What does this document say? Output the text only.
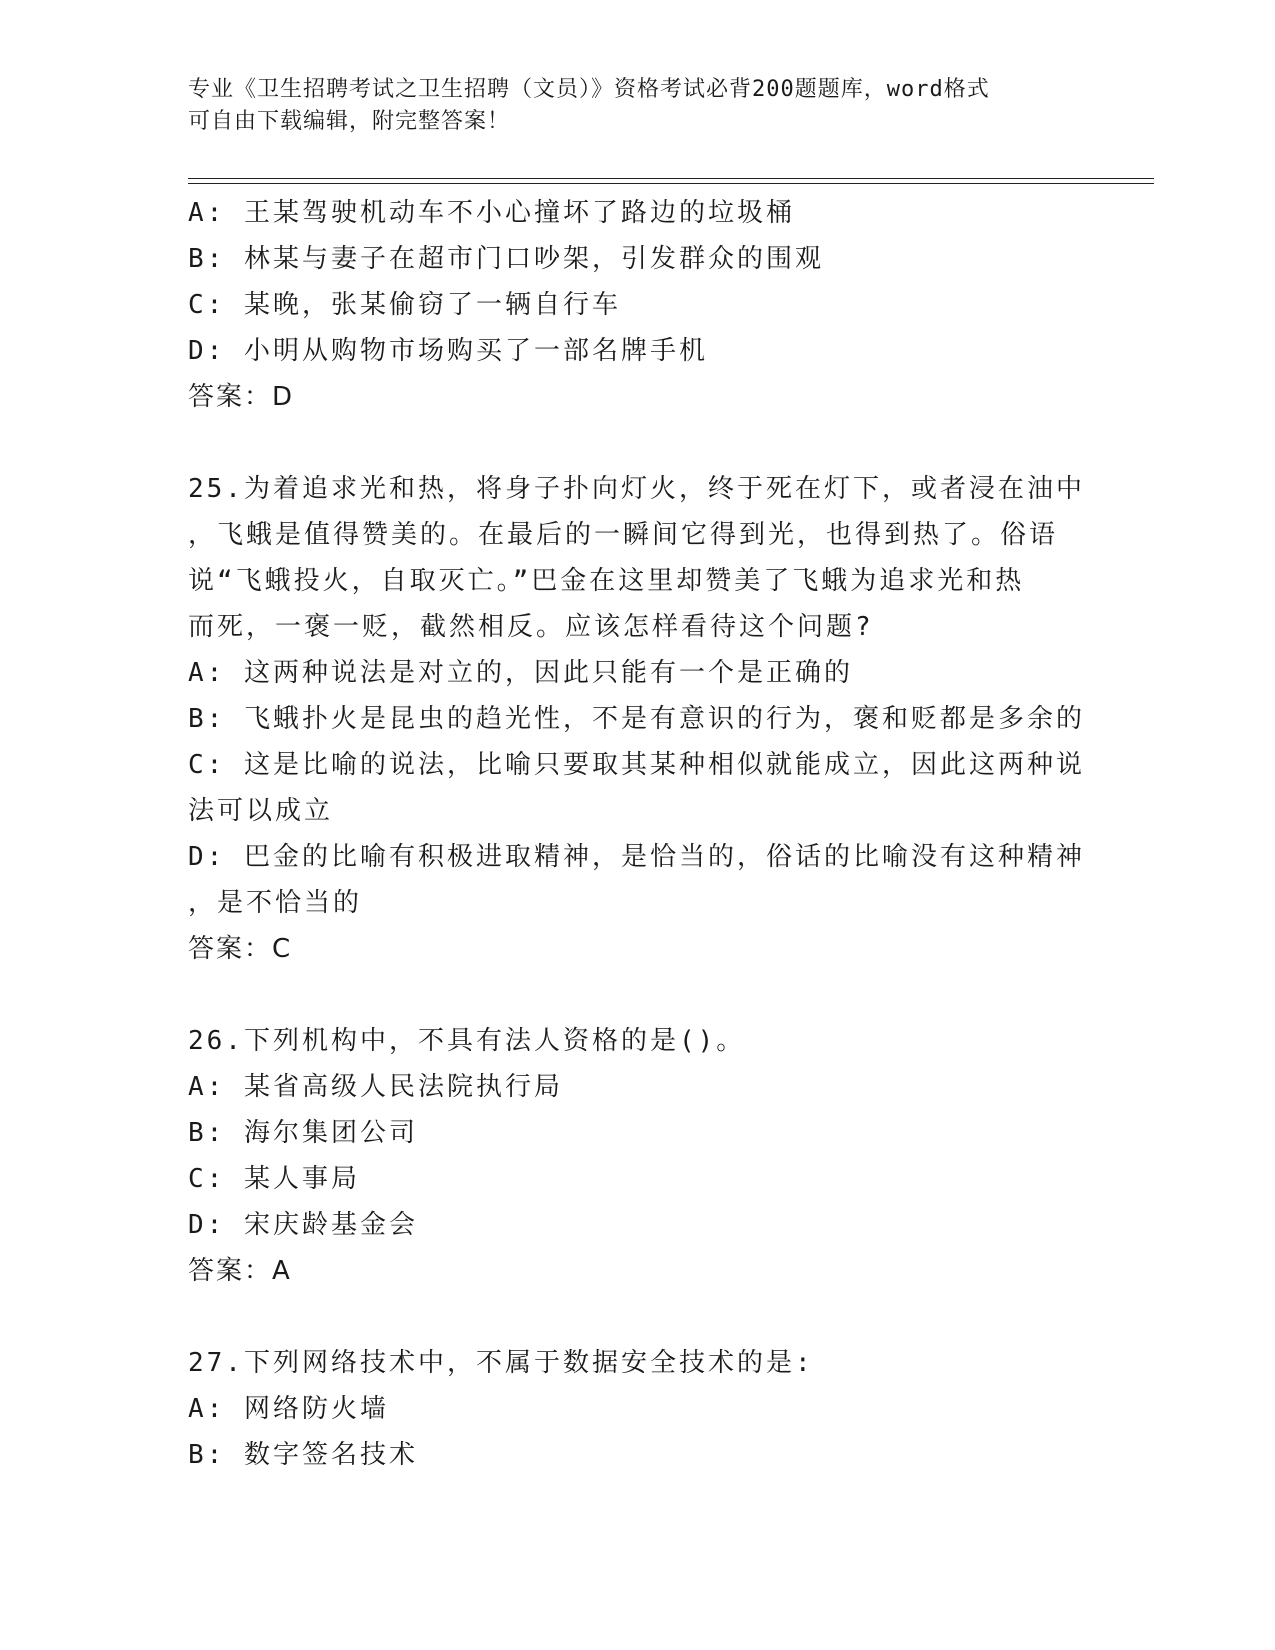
专业《卫生招聘考试之卫生招聘（文员）》资格考试必背200题题库，word格式
可自由下载编辑，附完整答案！
A: 王某驾驶机动车不小心撞坏了路边的垃圾桶
B: 林某与妻子在超市门口吵架，引发群众的围观
C: 某晚，张某偷窃了一辆自行车
D: 小明从购物市场购买了一部名牌手机
答案：D
25.为着追求光和热，将身子扑向灯火，终于死在灯下，或者浸在油中
，飞蛾是值得赞美的。在最后的一瞬间它得到光，也得到热了。俗语
说“飞蛾投火，自取灭亡。”巴金在这里却赞美了飞蛾为追求光和热
而死，一褒一贬，截然相反。应该怎样看待这个问题?
A: 这两种说法是对立的，因此只能有一个是正确的
B: 飞蛾扑火是昆虫的趋光性，不是有意识的行为，褒和贬都是多余的
C: 这是比喻的说法，比喻只要取其某种相似就能成立，因此这两种说
法可以成立
D: 巴金的比喻有积极进取精神，是恰当的，俗话的比喻没有这种精神
，是不恰当的
答案：C
26.下列机构中，不具有法人资格的是()。
A: 某省高级人民法院执行局
B: 海尔集团公司
C: 某人事局
D: 宋庆龄基金会
答案：A
27.下列网络技术中，不属于数据安全技术的是:
A: 网络防火墙
B: 数字签名技术
